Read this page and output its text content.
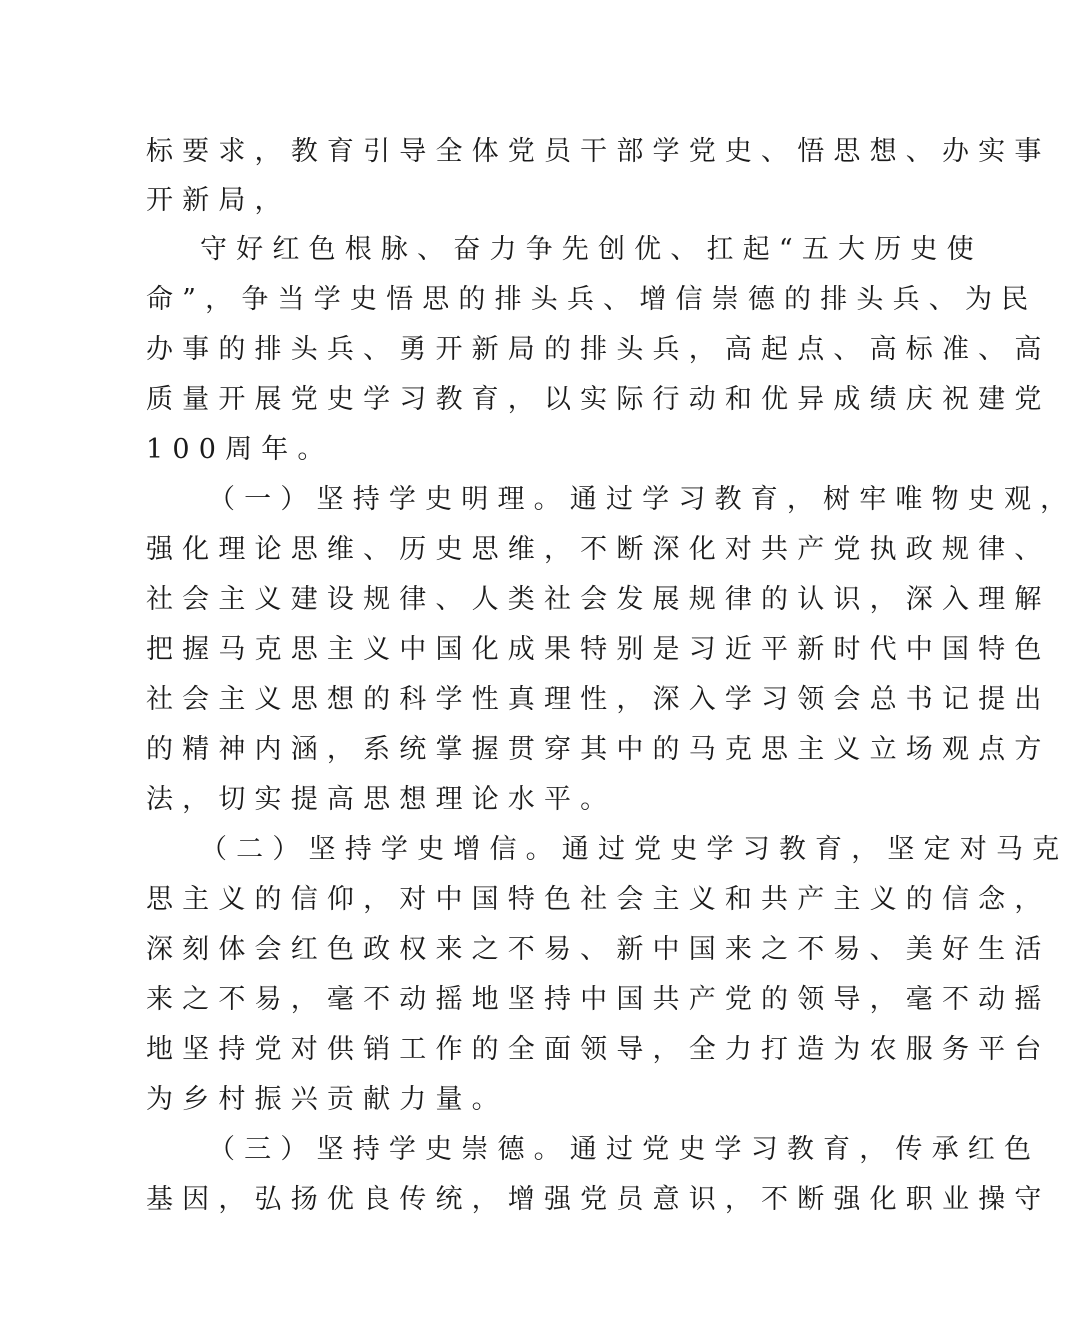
标要求，教育引导全体党员干部学党史、悟思想、办实事
开新局，
守好红色根脉、奋力争先创优、扛起“五大历史使
命”，争当学史悟思的排头兵、增信崇德的排头兵、为民
办事的排头兵、勇开新局的排头兵，高起点、高标准、高
质量开展党史学习教育，以实际行动和优异成绩庆祝建党
100周年。
（一）坚持学史明理。通过学习教育，树牢唯物史观，
强化理论思维、历史思维，不断深化对共产党执政规律、
社会主义建设规律、人类社会发展规律的认识，深入理解
把握马克思主义中国化成果特别是习近平新时代中国特色
社会主义思想的科学性真理性，深入学习领会总书记提出
的精神内涵，系统掌握贯穿其中的马克思主义立场观点方
法，切实提高思想理论水平。
（二）坚持学史增信。通过党史学习教育，坚定对马克
思主义的信仰，对中国特色社会主义和共产主义的信念，
深刻体会红色政权来之不易、新中国来之不易、美好生活
来之不易，毫不动摇地坚持中国共产党的领导，毫不动摇
地坚持党对供销工作的全面领导，全力打造为农服务平台
为乡村振兴贡献力量。
（三）坚持学史崇德。通过党史学习教育，传承红色
基因，弘扬优良传统，增强党员意识，不断强化职业操守
